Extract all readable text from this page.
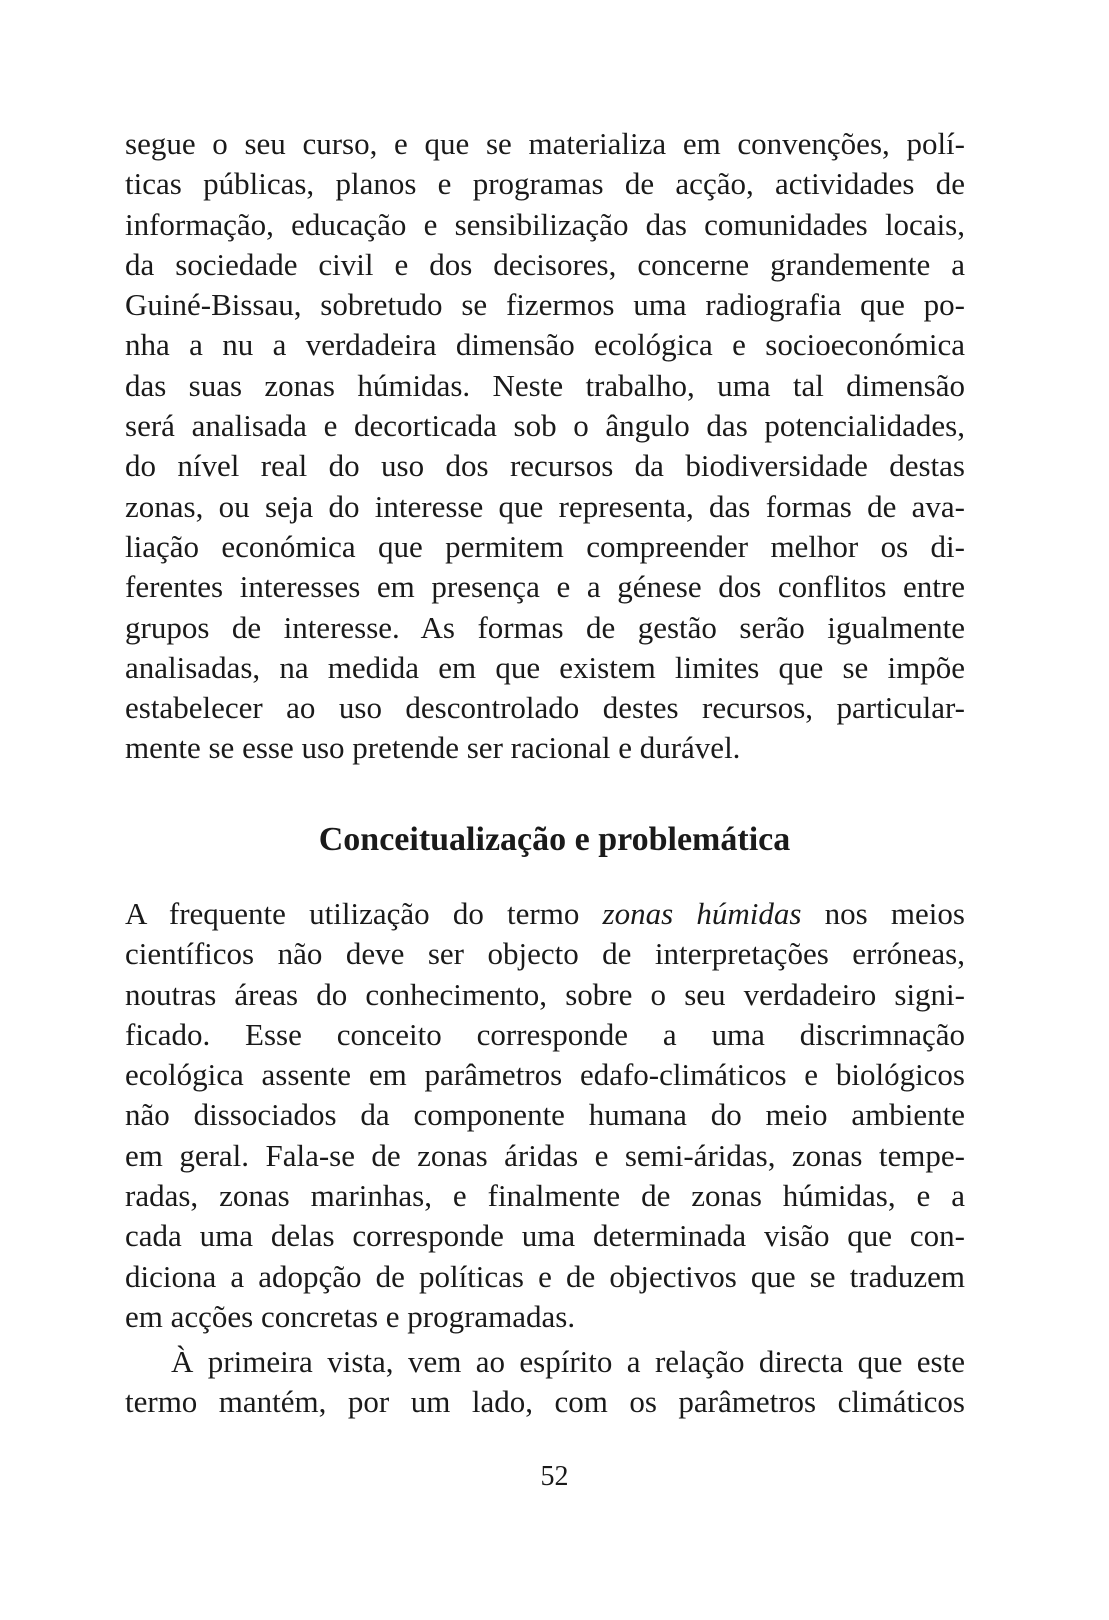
segue o seu curso, e que se materializa em convenções, polí-
ticas públicas, planos e programas de acção, actividades de
informação, educação e sensibilização das comunidades locais,
da sociedade civil e dos decisores, concerne grandemente a
Guiné-Bissau, sobretudo se fizermos uma radiografia que po-
nha a nu a verdadeira dimensão ecológica e socioeconómica
das suas zonas húmidas. Neste trabalho, uma tal dimensão
será analisada e decorticada sob o ângulo das potencialidades,
do nível real do uso dos recursos da biodiversidade destas
zonas, ou seja do interesse que representa, das formas de ava-
liação económica que permitem compreender melhor os di-
ferentes interesses em presença e a génese dos conflitos entre
grupos de interesse. As formas de gestão serão igualmente
analisadas, na medida em que existem limites que se impõe
estabelecer ao uso descontrolado destes recursos, particular-
mente se esse uso pretende ser racional e durável.
Conceitualização e problemática
A frequente utilização do termo zonas húmidas nos meios
científicos não deve ser objecto de interpretações erróneas,
noutras áreas do conhecimento, sobre o seu verdadeiro signi-
ficado. Esse conceito corresponde a uma discrimnação
ecológica assente em parâmetros edafo-climáticos e biológicos
não dissociados da componente humana do meio ambiente
em geral. Fala-se de zonas áridas e semi-áridas, zonas tempe-
radas, zonas marinhas, e finalmente de zonas húmidas, e a
cada uma delas corresponde uma determinada visão que con-
diciona a adopção de políticas e de objectivos que se traduzem
em acções concretas e programadas.
À primeira vista, vem ao espírito a relação directa que este
termo mantém, por um lado, com os parâmetros climáticos
52
